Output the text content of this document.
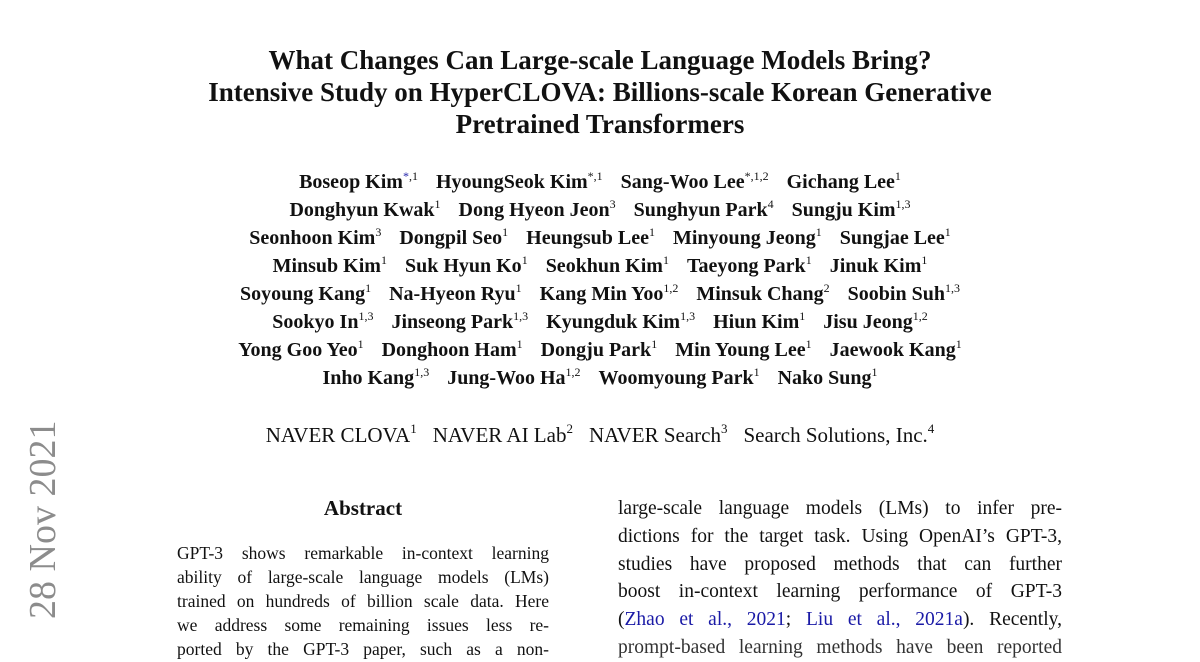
28 Nov 2021
What Changes Can Large-scale Language Models Bring?
Intensive Study on HyperCLOVA: Billions-scale Korean Generative
Pretrained Transformers
Boseop Kim$^{*,1}$ HyoungSeok Kim$^{*,1}$ Sang-Woo Lee$^{*,1,2}$ Gichang Lee$^1$
Donghyun Kwak$^1$ Dong Hyeon Jeon$^3$ Sunghyun Park$^4$ Sungju Kim$^{1,3}$
Seonhoon Kim$^3$ Dongpil Seo$^1$ Heungsub Lee$^1$ Minyoung Jeong$^1$ Sungjae Lee$^1$
Minsub Kim$^1$ Suk Hyun Ko$^1$ Seokhun Kim$^1$ Taeyong Park$^1$ Jinuk Kim$^1$
Soyoung Kang$^1$ Na-Hyeon Ryu$^1$ Kang Min Yoo$^{1,2}$ Minsuk Chang$^2$ Soobin Suh$^{1,3}$
Sookyo In$^{1,3}$ Jinseong Park$^{1,3}$ Kyungduk Kim$^{1,3}$ Hiun Kim$^1$ Jisu Jeong$^{1,2}$
Yong Goo Yeo$^1$ Donghoon Ham$^1$ Dongju Park$^1$ Min Young Lee$^1$ Jaewook Kang$^1$
Inho Kang$^{1,3}$ Jung-Woo Ha$^{1,2}$ Woomyoung Park$^1$ Nako Sung$^1$
NAVER CLOVA$^1$ NAVER AI Lab$^2$ NAVER Search$^3$ Search Solutions, Inc.$^4$
Abstract
GPT-3 shows remarkable in-context learning
ability of large-scale language models (LMs)
trained on hundreds of billion scale data. Here
we address some remaining issues less re-
ported by the GPT-3 paper, such as a non-
large-scale language models (LMs) to infer pre-
dictions for the target task. Using OpenAI’s GPT-3,
studies have proposed methods that can further
boost in-context learning performance of GPT-3
(Zhao et al., 2021; Liu et al., 2021a). Recently,
prompt-based learning methods have been reported
